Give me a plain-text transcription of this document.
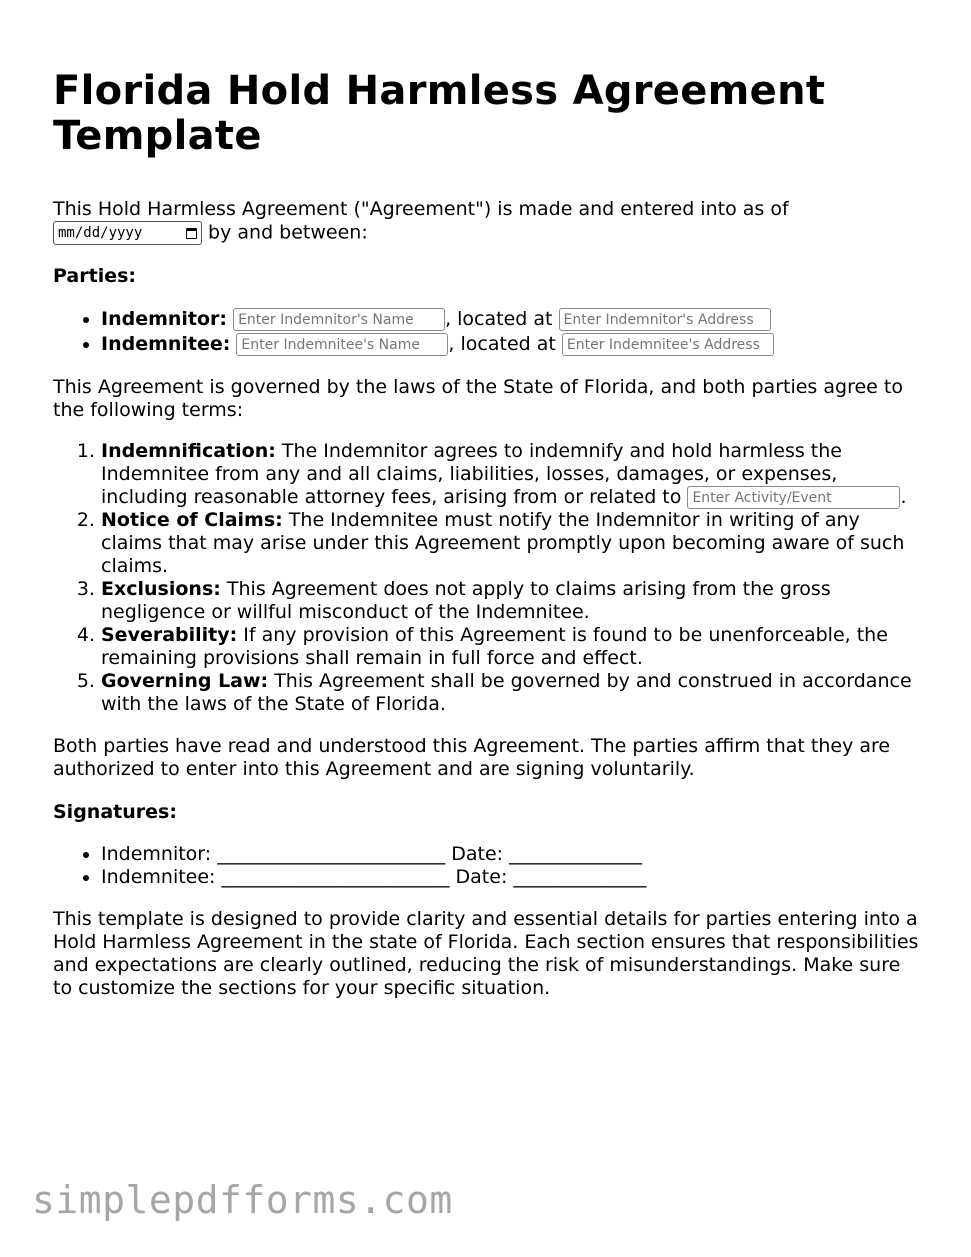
Florida Hold Harmless Agreement Template

This Hold Harmless Agreement ("Agreement") is made and entered into as of

mm/dd/yyyy	by and between:

Parties:

• Indemnitor: Enter Indemnitor's Name	, located at Enter Indemnitor's Address
• Indemnitee: Enter Indemnitee's Name	, located at Enter Indemnitee's Address

This Agreement is governed by the laws of the State of Florida, and both parties agree to the following terms:

1. Indemnification: The Indemnitor agrees to indemnify and hold harmless the Indemnitee from any and all claims, liabilities, losses, damages, or expenses, including reasonable attorney fees, arising from or related to Enter Activity/Event	.
2. Notice of Claims: The Indemnitee must notify the Indemnitor in writing of any claims that may arise under this Agreement promptly upon becoming aware of such claims.
3. Exclusions: This Agreement does not apply to claims arising from the gross negligence or willful misconduct of the Indemnitee.
4. Severability: If any provision of this Agreement is found to be unenforceable, the remaining provisions shall remain in full force and effect.
5. Governing Law: This Agreement shall be governed by and construed in accordance with the laws of the State of Florida.

Both parties have read and understood this Agreement. The parties affirm that they are authorized to enter into this Agreement and are signing voluntarily.

Signatures:

• Indemnitor: ________________________ Date: ______________
• Indemnitee: ________________________ Date: ______________

This template is designed to provide clarity and essential details for parties entering into a Hold Harmless Agreement in the state of Florida. Each section ensures that responsibilities and expectations are clearly outlined, reducing the risk of misunderstandings. Make sure to customize the sections for your specific situation.

simplepdfforms.com
